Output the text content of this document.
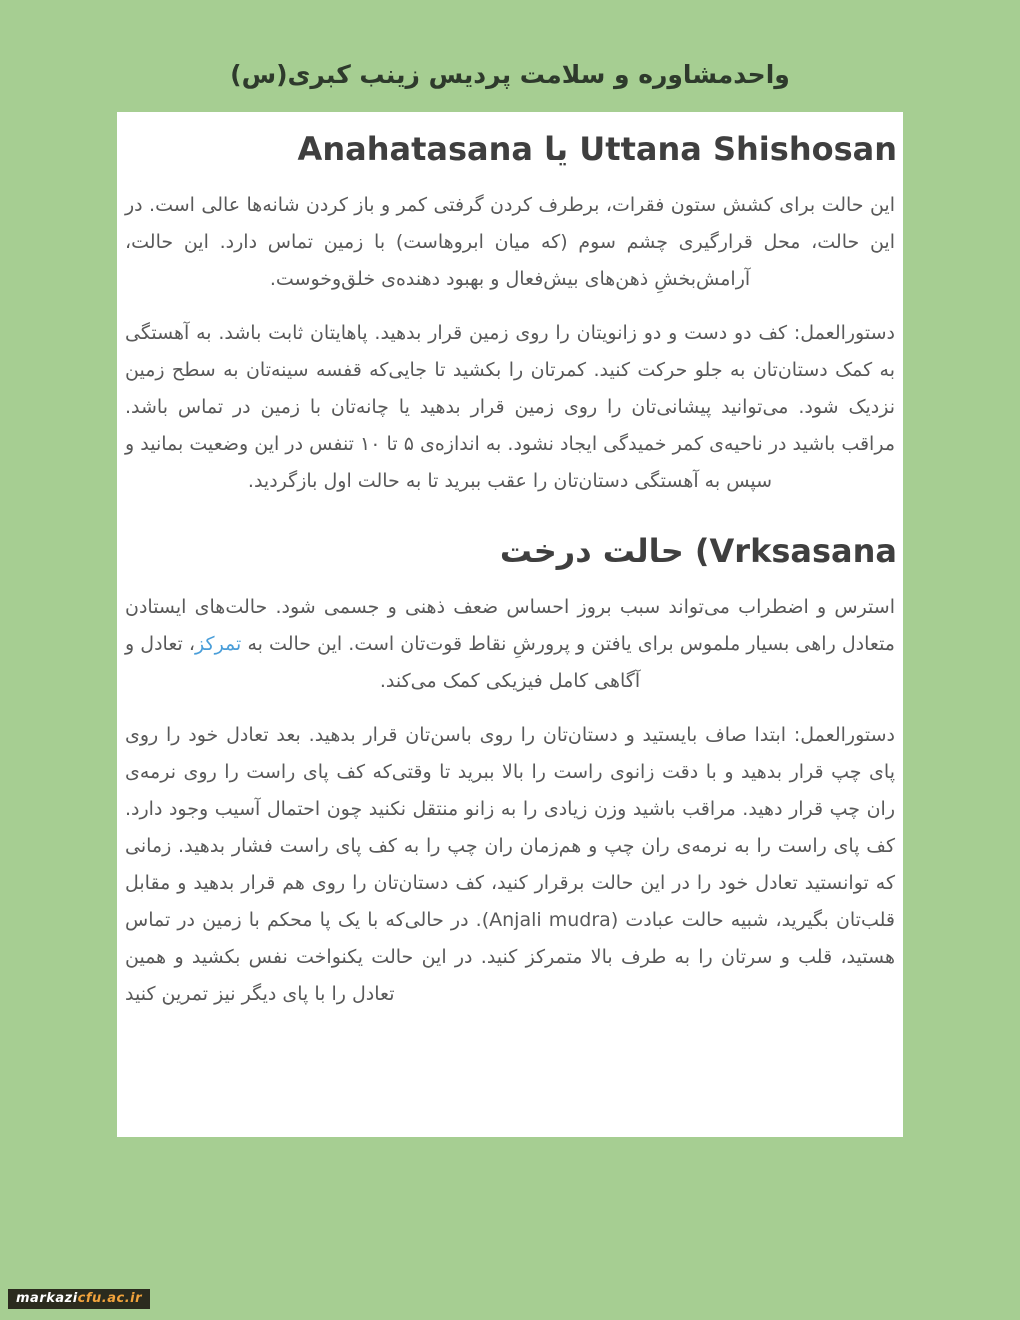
واحدمشاوره و سلامت پردیس زینب کبری(س)
Uttana Shishosan یا Anahatasana

این حالت برای کشش ستون فقرات، برطرف کردن گرفتی کمر و باز کردن شانه‌ها عالی است. در این حالت، محل قرارگیری چشم سوم (که میان ابروهاست) با زمین تماس دارد. این حالت، آرامش‌بخشِ ذهن‌های بیش‌فعال و بهبود دهنده‌ی خلق‌وخوست.

دستورالعمل: کف دو دست و دو زانویتان را روی زمین قرار بدهید. پاهایتان ثابت باشد. به آهستگی به کمک دستان‌تان به جلو حرکت کنید. کمرتان را بکشید تا جایی‌که قفسه سینه‌تان به سطح زمین نزدیک شود. می‌توانید پیشانی‌تان را روی زمین قرار بدهید یا چانه‌تان با زمین در تماس باشد. مراقب باشید در ناحیه‌ی کمر خمیدگی ایجاد نشود. به اندازه‌ی ۵ تا ۱۰ تنفس در این وضعیت بمانید و سپس به آهستگی دستان‌تان را عقب ببرید تا به حالت اول بازگردید.

حالت درخت (Vrksasana

استرس و اضطراب می‌تواند سبب بروز احساس ضعف ذهنی و جسمی شود. حالت‌های ایستادن متعادل راهی بسیار ملموس برای یافتن و پرورشِ نقاط قوت‌تان است. این حالت به تمرکز، تعادل و آگاهی کامل فیزیکی کمک می‌کند.

دستورالعمل: ابتدا صاف بایستید و دستان‌تان را روی باسن‌تان قرار بدهید. بعد تعادل خود را روی پای چپ قرار بدهید و با دقت زانوی راست را بالا ببرید تا وقتی‌که کف پای راست را روی نرمه‌ی ران چپ قرار دهید. مراقب باشید وزن زیادی را به زانو منتقل نکنید چون احتمال آسیب وجود دارد. کف پای راست را به نرمه‌ی ران چپ و هم‌زمان ران چپ را به کف پای راست فشار بدهید. زمانی که توانستید تعادل خود را در این حالت برقرار کنید، کف دستان‌تان را روی هم قرار بدهید و مقابل قلب‌تان بگیرید، شبیه حالت عبادت (Anjali mudra). در حالی‌که با یک پا محکم با زمین در تماس هستید، قلب و سرتان را به طرف بالا متمرکز کنید. در این حالت یکنواخت نفس بکشید و همین تعادل را با پای دیگر نیز تمرین کنید

markazicfu.ac.ir
